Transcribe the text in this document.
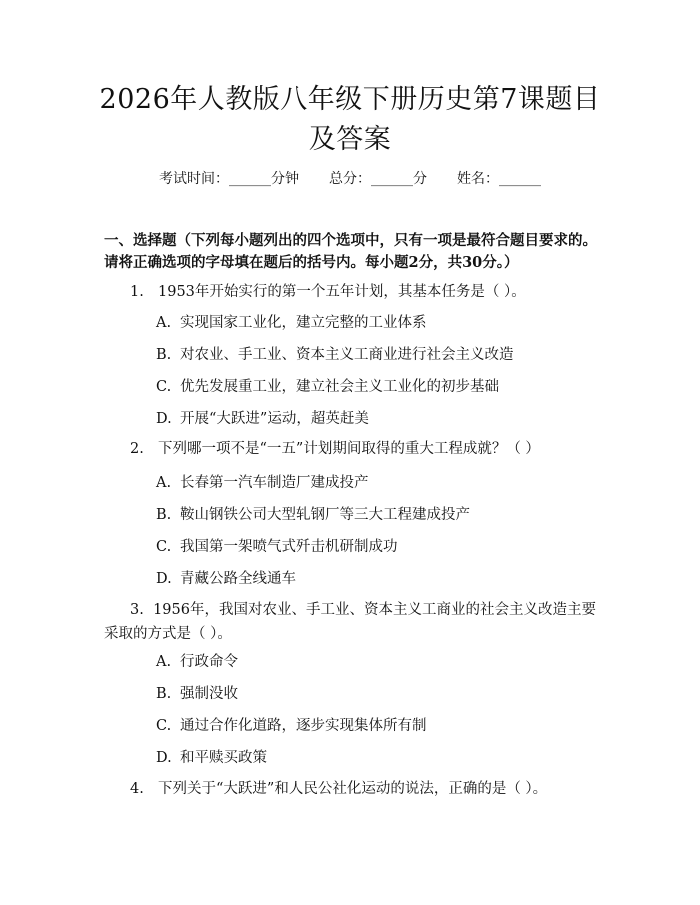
2026年人教版八年级下册历史第7课题目及答案
考试时间：______分钟 总分：______分 姓名：______
一、选择题（下列每小题列出的四个选项中，只有一项是最符合题目要求的。请将正确选项的字母填在题后的括号内。每小题2分，共30分。）
1. 1953年开始实行的第一个五年计划，其基本任务是（ ）。
A. 实现国家工业化，建立完整的工业体系
B. 对农业、手工业、资本主义工商业进行社会主义改造
C. 优先发展重工业，建立社会主义工业化的初步基础
D. 开展“大跃进”运动，超英赶美
2. 下列哪一项不是“一五”计划期间取得的重大工程成就？（ ）
A. 长春第一汽车制造厂建成投产
B. 鞍山钢铁公司大型轧钢厂等三大工程建成投产
C. 我国第一架喷气式歼击机研制成功
D. 青藏公路全线通车
3. 1956年，我国对农业、手工业、资本主义工商业的社会主义改造主要采取的方式是（ ）。
A. 行政命令
B. 强制没收
C. 通过合作化道路，逐步实现集体所有制
D. 和平赎买政策
4. 下列关于“大跃进”和人民公社化运动的说法，正确的是（ ）。
